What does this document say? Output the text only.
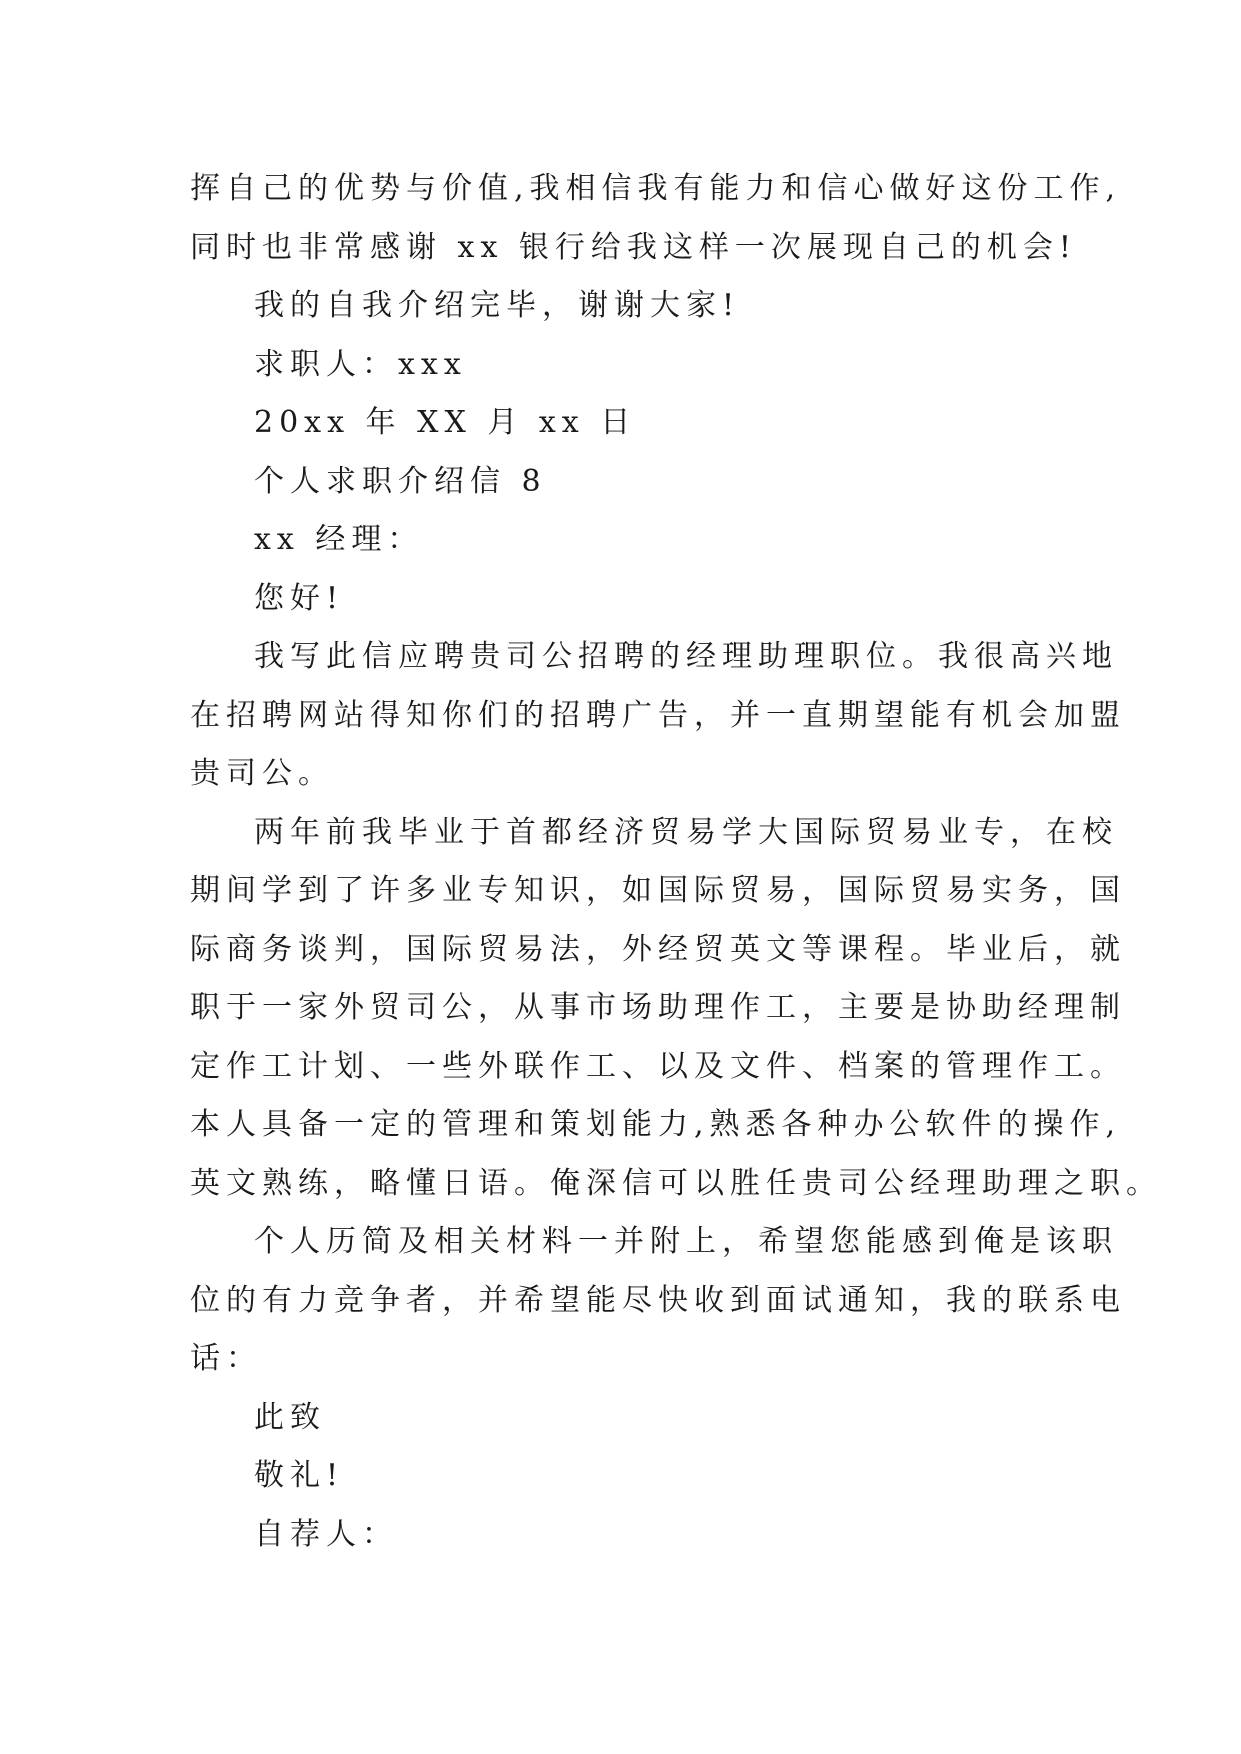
挥自己的优势与价值,我相信我有能力和信心做好这份工作,
同时也非常感谢 xx 银行给我这样一次展现自己的机会!
我的自我介绍完毕，谢谢大家!
求职人：xxx
20xx 年 XX 月 xx 日
个人求职介绍信 8
xx 经理：
您好!
我写此信应聘贵司公招聘的经理助理职位。我很高兴地
在招聘网站得知你们的招聘广告，并一直期望能有机会加盟
贵司公。
两年前我毕业于首都经济贸易学大国际贸易业专，在校
期间学到了许多业专知识，如国际贸易，国际贸易实务，国
际商务谈判，国际贸易法，外经贸英文等课程。毕业后，就
职于一家外贸司公，从事市场助理作工，主要是协助经理制
定作工计划、一些外联作工、以及文件、档案的管理作工。
本人具备一定的管理和策划能力,熟悉各种办公软件的操作,
英文熟练，略懂日语。俺深信可以胜任贵司公经理助理之职。
个人历简及相关材料一并附上，希望您能感到俺是该职
位的有力竞争者，并希望能尽快收到面试通知，我的联系电
话：
此致
敬礼!
自荐人：
